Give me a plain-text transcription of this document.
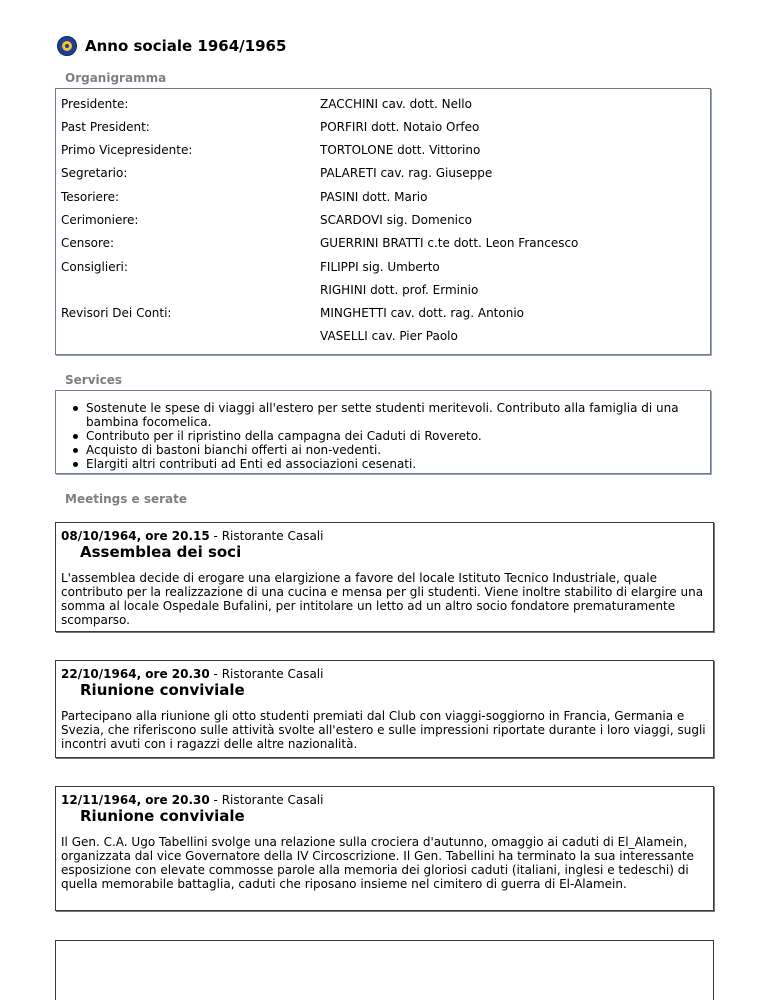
Anno sociale 1964/1965
Organigramma
Presidente:	ZACCHINI cav. dott. Nello
Past President:	PORFIRI dott. Notaio Orfeo
Primo Vicepresidente:	TORTOLONE dott. Vittorino
Segretario:	PALARETI cav. rag. Giuseppe
Tesoriere:	PASINI dott. Mario
Cerimoniere:	SCARDOVI sig. Domenico
Censore:	GUERRINI BRATTI c.te dott. Leon Francesco
Consiglieri:	FILIPPI sig. Umberto
RIGHINI dott. prof. Erminio
Revisori Dei Conti:	MINGHETTI cav. dott. rag. Antonio
VASELLI cav. Pier Paolo
Services
Sostenute le spese di viaggi all'estero per sette studenti meritevoli. Contributo alla famiglia di una bambina focomelica.
Contributo per il ripristino della campagna dei Caduti di Rovereto.
Acquisto di bastoni bianchi offerti ai non-vedenti.
Elargiti altri contributi ad Enti ed associazioni cesenati.
Meetings e serate
08/10/1964, ore 20.15 - Ristorante Casali
Assemblea dei soci
L'assemblea decide di erogare una elargizione a favore del locale Istituto Tecnico Industriale, quale contributo per la realizzazione di una cucina e mensa per gli studenti. Viene inoltre stabilito di elargire una somma al locale Ospedale Bufalini, per intitolare un letto ad un altro socio fondatore prematuramente scomparso.
22/10/1964, ore 20.30 - Ristorante Casali
Riunione conviviale
Partecipano alla riunione gli otto studenti premiati dal Club con viaggi-soggiorno in Francia, Germania e Svezia, che riferiscono sulle attività svolte all'estero e sulle impressioni riportate durante i loro viaggi, sugli incontri avuti con i ragazzi delle altre nazionalità.
12/11/1964, ore 20.30 - Ristorante Casali
Riunione conviviale
Il Gen. C.A. Ugo Tabellini svolge una relazione sulla crociera d'autunno, omaggio ai caduti di El_Alamein, organizzata dal vice Governatore della IV Circoscrizione. Il Gen. Tabellini ha terminato la sua interessante esposizione con elevate commosse parole alla memoria dei gloriosi caduti (italiani, inglesi e tedeschi) di quella memorabile battaglia, caduti che riposano insieme nel cimitero di guerra di El-Alamein.
